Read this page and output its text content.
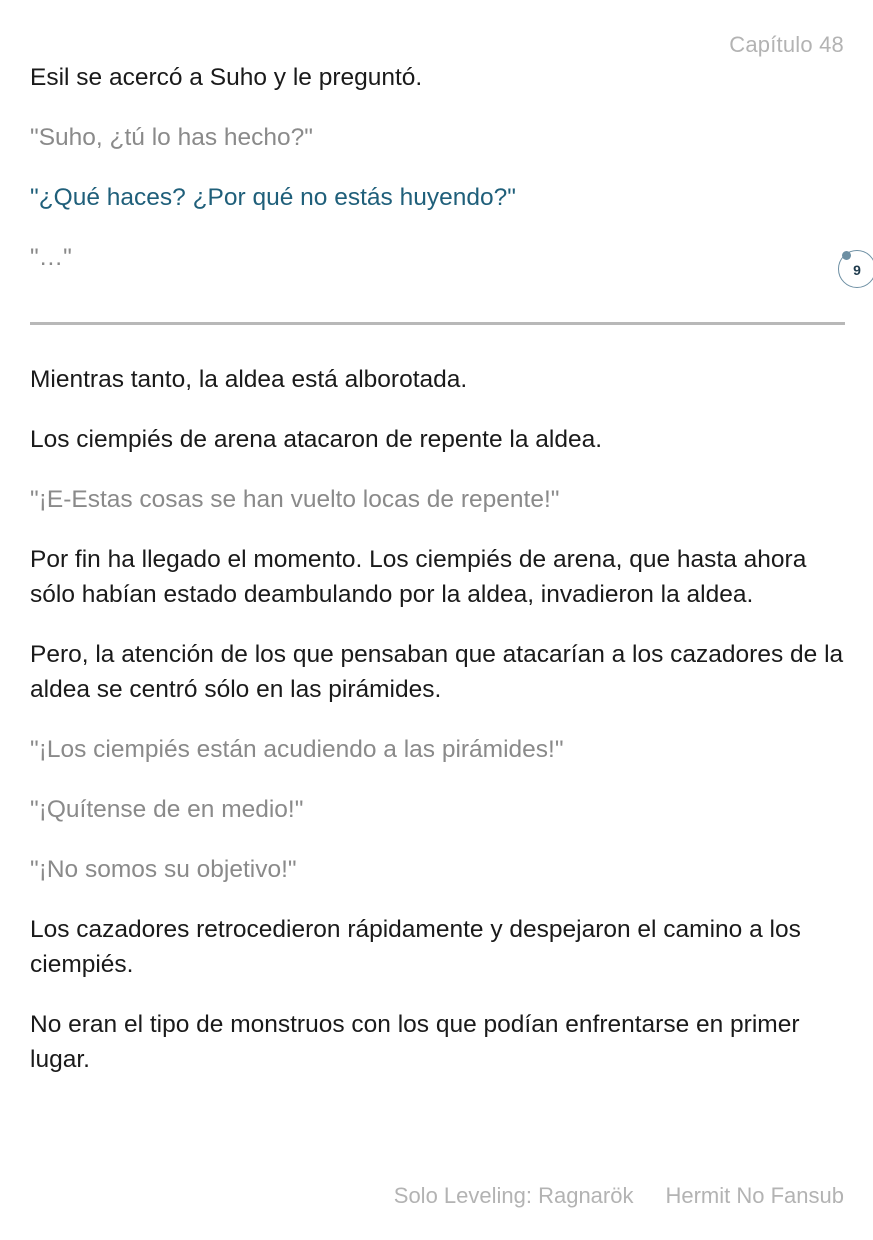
Capítulo 48

Esil se acercó a Suho y le preguntó.

"Suho, ¿tú lo has hecho?"

"¿Qué haces? ¿Por qué no estás huyendo?"

"..."

Mientras tanto, la aldea está alborotada.

Los ciempiés de arena atacaron de repente la aldea.

"¡E-Estas cosas se han vuelto locas de repente!"

Por fin ha llegado el momento. Los ciempiés de arena, que hasta ahora sólo habían estado deambulando por la aldea, invadieron la aldea.

Pero, la atención de los que pensaban que atacarían a los cazadores de la aldea se centró sólo en las pirámides.

"¡Los ciempiés están acudiendo a las pirámides!"

"¡Quítense de en medio!"

"¡No somos su objetivo!"

Los cazadores retrocedieron rápidamente y despejaron el camino a los ciempiés.

No eran el tipo de monstruos con los que podían enfrentarse en primer lugar.

9
Solo Leveling: Ragnarök Hermit No Fansub
